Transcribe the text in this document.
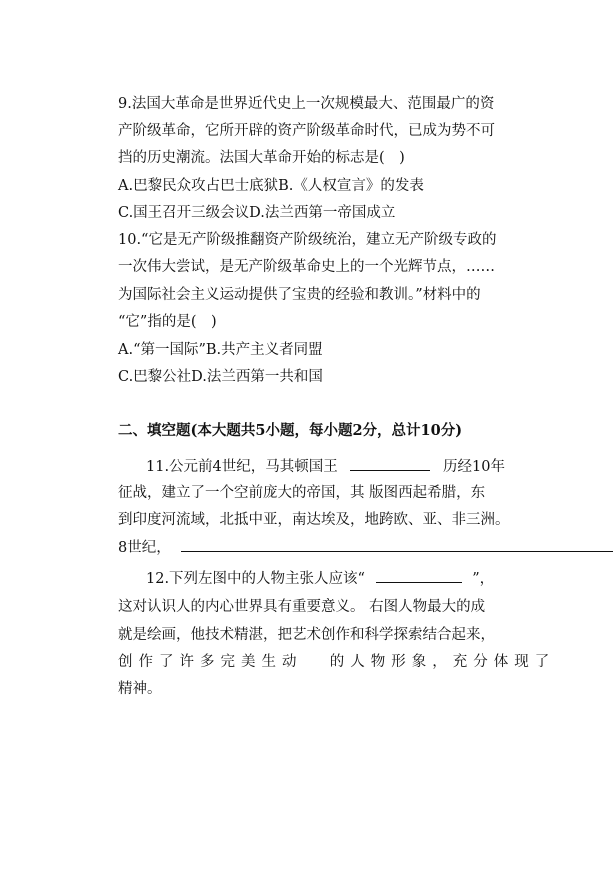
9.法国大革命是世界近代史上一次规模最大、范围最广的资
产阶级革命，它所开辟的资产阶级革命时代，已成为势不可
挡的历史潮流。法国大革命开始的标志是(　)
A.巴黎民众攻占巴士底狱B.《人权宣言》的发表
C.国王召开三级会议D.法兰西第一帝国成立
10.“它是无产阶级推翻资产阶级统治，建立无产阶级专政的
一次伟大尝试，是无产阶级革命史上的一个光辉节点，……
为国际社会主义运动提供了宝贵的经验和教训。”材料中的
“它”指的是(　)
A.“第一国际”B.共产主义者同盟
C.巴黎公社D.法兰西第一共和国
二、填空题(本大题共5小题，每小题2分，总计10分)
11.公元前4世纪，马其顿国王	历经10年
征战，建立了一个空前庞大的帝国，其 版图西起希腊，东
到印度河流域，北抵中亚，南达埃及，地跨欧、亚、非三洲。
8世纪，
12.下列左图中的人物主张人应该“	”，
这对认识人的内心世界具有重要意义。 右图人物最大的成
就是绘画，他技术精湛，把艺术创作和科学探索结合起来，
创作了许多完美生动 的人物形象，充分体现了
精神。
